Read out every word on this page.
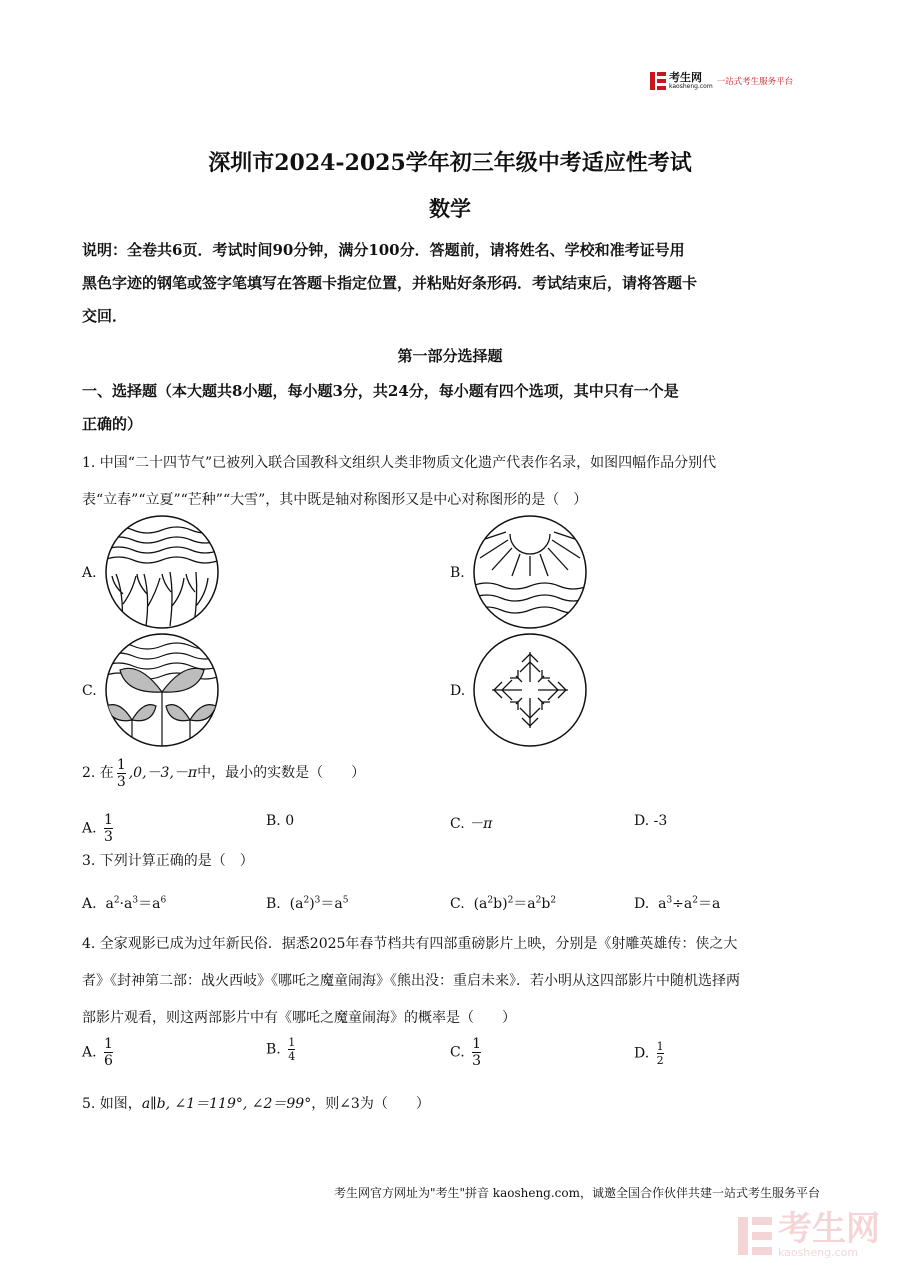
考生网
kaosheng.com 一站式考生服务平台
深圳市2024-2025学年初三年级中考适应性考试
数学
说明：全卷共6页．考试时间90分钟，满分100分．答题前，请将姓名、学校和准考证号用
黑色字迹的钢笔或签字笔填写在答题卡指定位置，并粘贴好条形码．考试结束后，请将答题卡
交回．
第一部分选择题
一、选择题（本大题共8小题，每小题3分，共24分，每小题有四个选项，其中只有一个是
正确的）
1. 中国“二十四节气”已被列入联合国教科文组织人类非物质文化遗产代表作名录，如图四幅作品分别代
表“立春”“立夏”“芒种”“大雪”，其中既是轴对称图形又是中心对称图形的是（　）
A.	B.
C.	D.
2. 在 $\frac{1}{3} ,0,-3,-\pi$中，最小的实数是（　　）
A. $\frac{1}{3}$	B. 0	C. －π	D. -3
3. 下列计算正确的是（　）
A.  $a^2\cdot a^3=a^6$	B.  $(a^2)^3=a^5$	C.  $(a^2b)^2=a^2b^2$	D.  $a^3\div a^2=a$
4. 全家观影已成为过年新民俗．据悉2025年春节档共有四部重磅影片上映，分别是《射雕英雄传：侠之大
者》《封神第二部：战火西岐》《哪吒之魔童闹海》《熊出没：重启未来》．若小明从这四部影片中随机选择两
部影片观看，则这两部影片中有《哪吒之魔童闹海》的概率是（　　）
A. $\frac{1}{6}$	B. $\frac{1}{4}$	C. $\frac{1}{3}$	D. $\frac{1}{2}$
5. 如图，a∥b, ∠1＝119°, ∠2＝99°，则∠3为（　　）
考生网官方网址为"考生"拼音 kaosheng.com，诚邀全国合作伙伴共建一站式考生服务平台
考生网
kaosheng.com
